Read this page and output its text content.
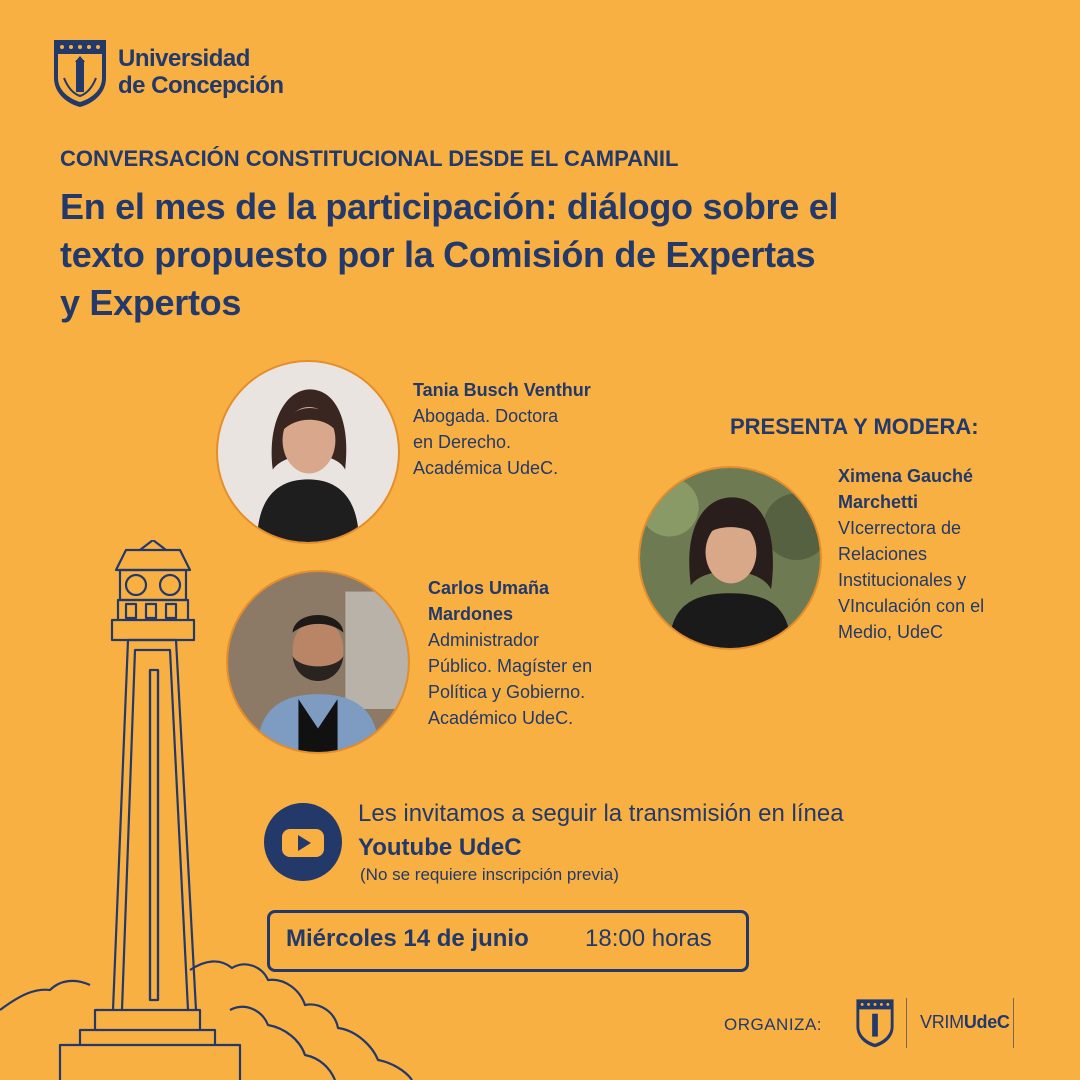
Universidad
de Concepción
CONVERSACIÓN CONSTITUCIONAL DESDE EL CAMPANIL
En el mes de la participación: diálogo sobre el texto propuesto por la Comisión de Expertas y Expertos
Tania Busch Venthur
Abogada. Doctora
en Derecho.
Académica UdeC.
Carlos Umaña Mardones
Administrador
Público. Magíster en
Política y Gobierno.
Académico UdeC.
PRESENTA Y MODERA:
Ximena Gauché Marchetti
VIcerrectora de
Relaciones
Institucionales y
VInculación con el
Medio, UdeC
Les invitamos a seguir la transmisión en línea Youtube UdeC
(No se requiere inscripción previa)
Miércoles 14 de junio 18:00 horas
ORGANIZA:	VRIMUdeC
